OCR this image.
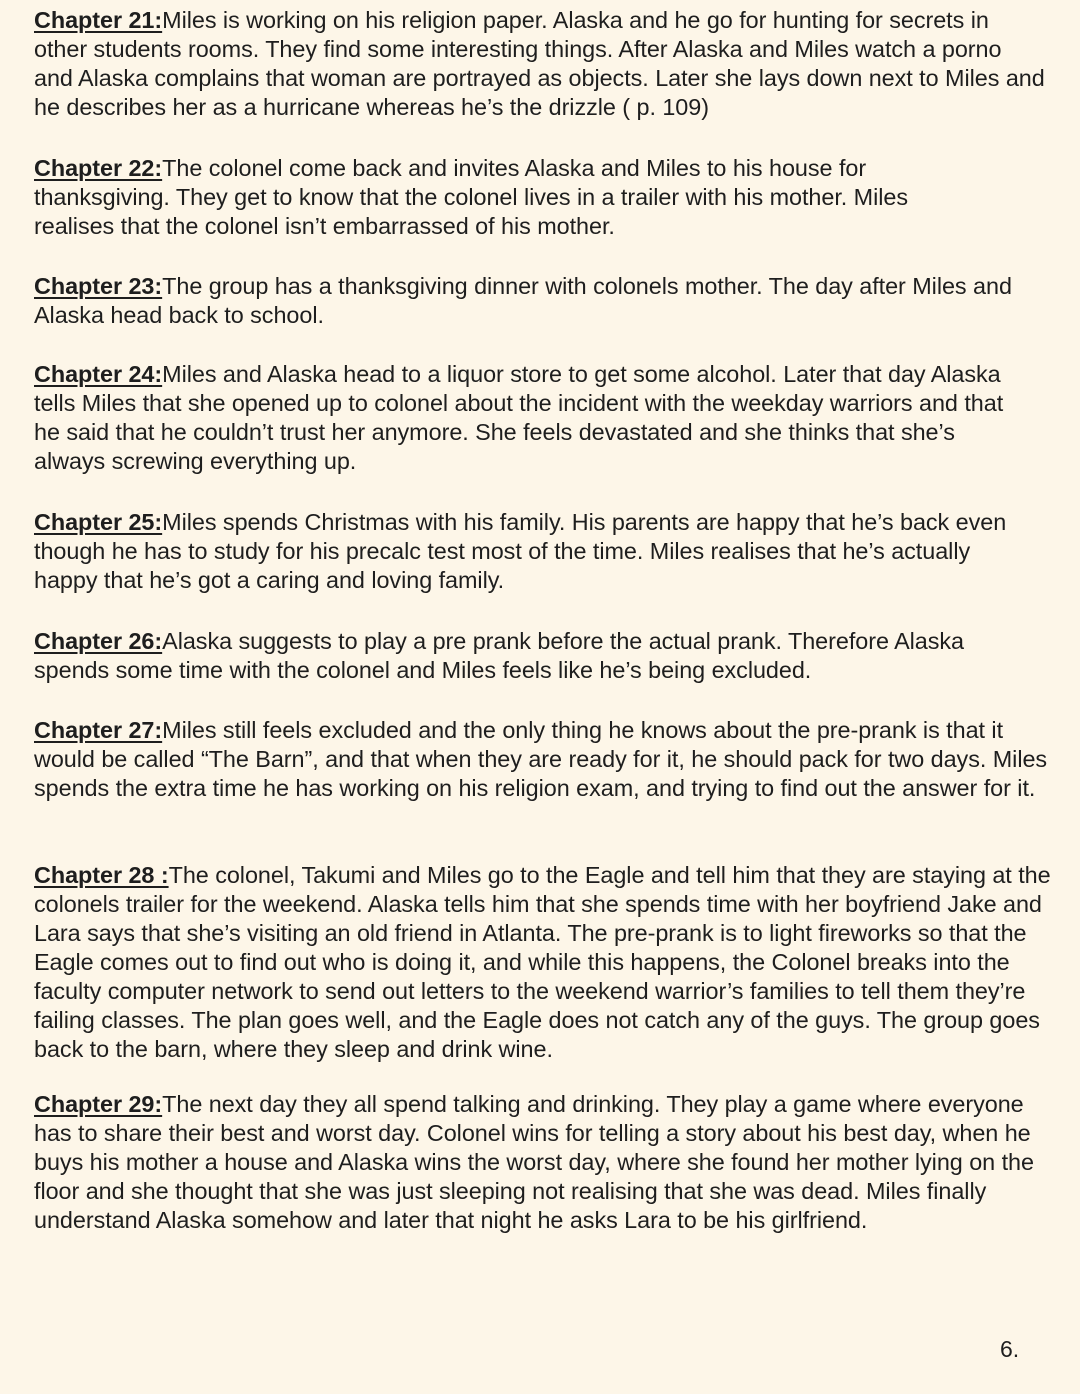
Chapter 21:Miles is working on his religion paper. Alaska and he go for hunting for secrets in other students rooms. They find some interesting things. After Alaska and Miles watch a porno and Alaska complains that woman are portrayed as objects. Later she lays down next to Miles and he describes her as a hurricane whereas he’s the drizzle ( p. 109)

Chapter 22:The colonel come back and invites Alaska and Miles to his house for thanksgiving. They get to know that the colonel lives in a trailer with his mother. Miles realises that the colonel isn’t embarrassed of his mother.

Chapter 23:The group has a thanksgiving dinner with colonels mother. The day after Miles and Alaska head back to school.

Chapter 24:Miles and Alaska head to a liquor store to get some alcohol. Later that day Alaska tells Miles that she opened up to colonel about the incident with the weekday warriors and that he said that he couldn’t trust her anymore. She feels devastated and she thinks that she’s always screwing everything up.

Chapter 25:Miles spends Christmas with his family. His parents are happy that he’s back even though he has to study for his precalc test most of the time. Miles realises that he’s actually happy that he’s got a caring and loving family.

Chapter 26:Alaska suggests to play a pre prank before the actual prank. Therefore Alaska spends some time with the colonel and Miles feels like he’s being excluded.

Chapter 27:Miles still feels excluded and the only thing he knows about the pre-prank is that it would be called “The Barn”, and that when they are ready for it, he should pack for two days. Miles spends the extra time he has working on his religion exam, and trying to find out the answer for it.

Chapter 28 :The colonel, Takumi and Miles go to the Eagle and tell him that they are staying at the colonels trailer for the weekend. Alaska tells him that she spends time with her boyfriend Jake and Lara says that she’s visiting an old friend in Atlanta. The pre-prank is to light fireworks so that the Eagle comes out to find out who is doing it, and while this happens, the Colonel breaks into the faculty computer network to send out letters to the weekend warrior’s families to tell them they’re failing classes. The plan goes well, and the Eagle does not catch any of the guys. The group goes back to the barn, where they sleep and drink wine.

Chapter 29:The next day they all spend talking and drinking. They play a game where everyone has to share their best and worst day. Colonel wins for telling a story about his best day, when he buys his mother a house and Alaska wins the worst day, where she found her mother lying on the floor and she thought that she was just sleeping not realising that she was dead. Miles finally understand Alaska somehow and later that night he asks Lara to be his girlfriend.

6.
